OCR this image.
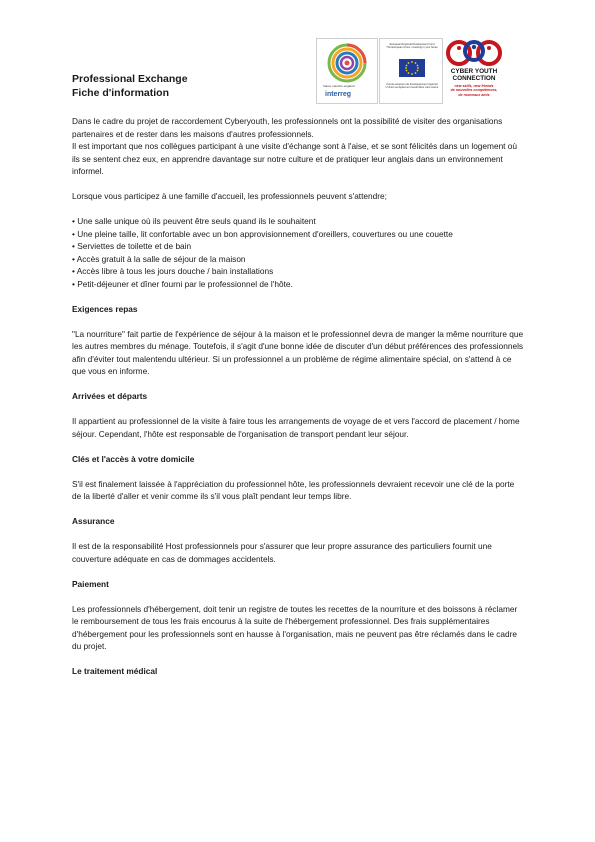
france manche england
interreg
European Regional Development Fund
The European Union, investing in your future
Fonds européen de développement régional
L'Union européenne investit dans votre avenir
CYBER YOUTH
CONNECTION
new skills, new friends
de nouvelles compétences,
de nouveaux amis
Professional Exchange
Fiche d'information
Dans le cadre du projet de raccordement Cyberyouth, les professionnels ont la possibilité de visiter des organisations partenaires et de rester dans les maisons d'autres professionnels.

Il est important que nos collègues participant à une visite d'échange sont à l'aise, et se sont félicités dans un logement où ils se sentent chez eux, en apprendre davantage sur notre culture et de pratiquer leur anglais dans un environnement informel.

Lorsque vous participez à une famille d'accueil, les professionnels peuvent s'attendre;

• Une salle unique où ils peuvent être seuls quand ils le souhaitent
• Une pleine taille, lit confortable avec un bon approvisionnement d'oreillers, couvertures ou une couette
• Serviettes de toilette et de bain
• Accès gratuit à la salle de séjour de la maison
• Accès libre à tous les jours douche / bain installations
• Petit-déjeuner et dîner fourni par le professionnel de l'hôte.
Exigences repas

"La nourriture" fait partie de l'expérience de séjour à la maison et le professionnel devra de manger la même nourriture que les autres membres du ménage. Toutefois, il s'agit d'une bonne idée de discuter d'un début préférences des professionnels afin d'éviter tout malentendu ultérieur. Si un professionnel a un problème de régime alimentaire spécial, on s'attend à ce que vous en informe.

Arrivées et départs

Il appartient au professionnel de la visite à faire tous les arrangements de voyage de et vers l'accord de placement / home séjour. Cependant, l'hôte est responsable de l'organisation de transport pendant leur séjour.

Clés et l'accès à votre domicile

S'il est finalement laissée à l'appréciation du professionnel hôte, les professionnels devraient recevoir une clé de la porte de la liberté d'aller et venir comme ils s'il vous plaît pendant leur temps libre.

Assurance

Il est de la responsabilité Host professionnels pour s'assurer que leur propre assurance des particuliers fournit une couverture adéquate en cas de dommages accidentels.

Paiement

Les professionnels d'hébergement, doit tenir un registre de toutes les recettes de la nourriture et des boissons à réclamer le remboursement de tous les frais encourus à la suite de l'hébergement professionnel. Des frais supplémentaires d'hébergement pour les professionnels sont en hausse à l'organisation, mais ne peuvent pas être réclamés dans le cadre du projet.

Le traitement médical
